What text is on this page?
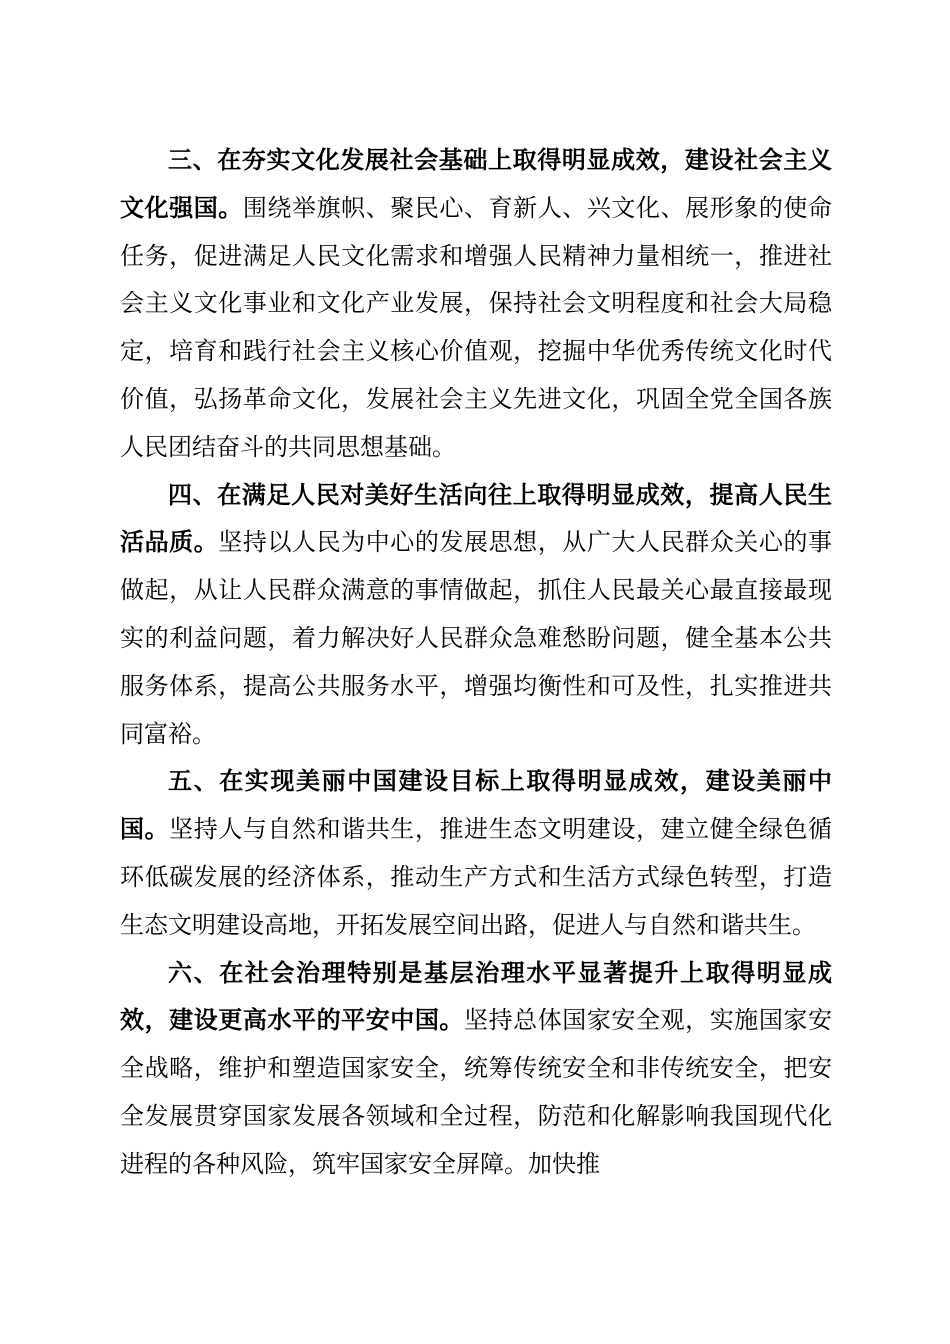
三、在夯实文化发展社会基础上取得明显成效，建设社会主义文化强国。围绕举旗帜、聚民心、育新人、兴文化、展形象的使命任务，促进满足人民文化需求和增强人民精神力量相统一，推进社会主义文化事业和文化产业发展，保持社会文明程度和社会大局稳定，培育和践行社会主义核心价值观，挖掘中华优秀传统文化时代价值，弘扬革命文化，发展社会主义先进文化，巩固全党全国各族人民团结奋斗的共同思想基础。

四、在满足人民对美好生活向往上取得明显成效，提高人民生活品质。坚持以人民为中心的发展思想，从广大人民群众关心的事做起，从让人民群众满意的事情做起，抓住人民最关心最直接最现实的利益问题，着力解决好人民群众急难愁盼问题，健全基本公共服务体系，提高公共服务水平，增强均衡性和可及性，扎实推进共同富裕。

五、在实现美丽中国建设目标上取得明显成效，建设美丽中国。坚持人与自然和谐共生，推进生态文明建设，建立健全绿色循环低碳发展的经济体系，推动生产方式和生活方式绿色转型，打造生态文明建设高地，开拓发展空间出路，促进人与自然和谐共生。

六、在社会治理特别是基层治理水平显著提升上取得明显成效，建设更高水平的平安中国。坚持总体国家安全观，实施国家安全战略，维护和塑造国家安全，统筹传统安全和非传统安全，把安全发展贯穿国家发展各领域和全过程，防范和化解影响我国现代化进程的各种风险，筑牢国家安全屏障。加快推
